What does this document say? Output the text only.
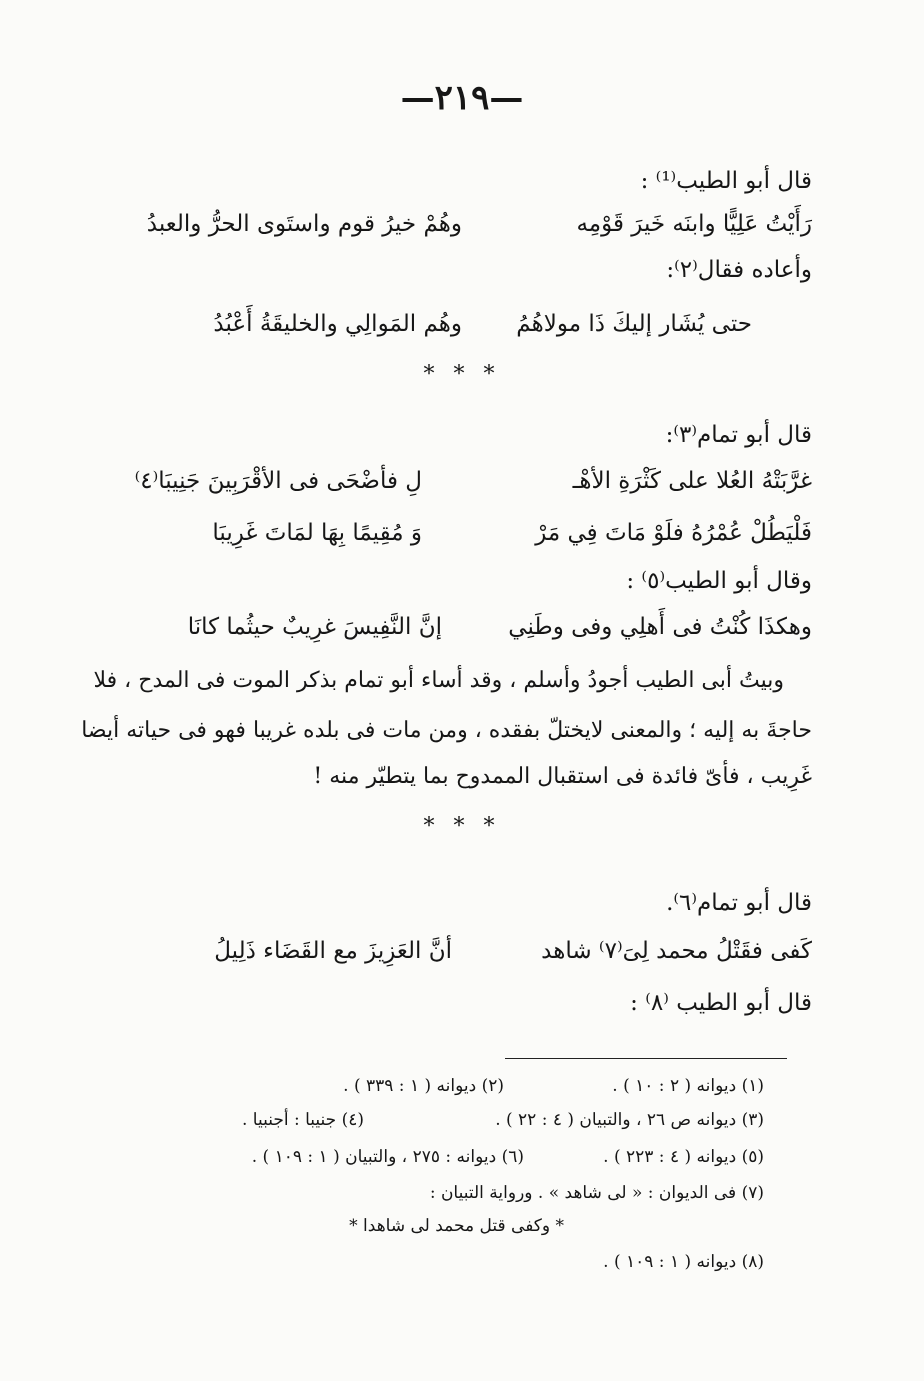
—٢١٩—
قال أبو الطيب⁽¹⁾ :
رَأَيْتُ عَلِيًّا وابنَه خَيرَ قَوْمِه
وهُمْ خيرُ قوم واستَوى الحرُّ والعبدُ
وأعاده فقال⁽٢⁾:
حتى يُشَار إليكَ ذَا مولاهُمُ
وهُم المَوالِي والخليقَةُ أَعْبُدُ
* * *
قال أبو تمام⁽٣⁾:
غرَّبَتْهُ العُلا على كَثْرَةِ الأهْـ
لِ فأضْحَى فى الأقْرَبِينَ جَنِيبَا⁽٤⁾
فَلْيَطُلْ عُمْرُهُ فلَوْ مَاتَ فِي مَرْ
وَ مُقِيمًا بِهَا لمَاتَ غَرِيبَا
وقال أبو الطيب⁽٥⁾ :
وهكذَا كُنْتُ فى أَهلِي وفى وطَنِي
إنَّ النَّفِيسَ غرِيبٌ حيثُما كانَا
وبيتُ أبى الطيب أجودُ وأسلم ، وقد أساء أبو تمام بذكر الموت فى المدح ، فلا
حاجةَ به إليه ؛ والمعنى لايختلّ بفقده ، ومن مات فى بلده غريبا فهو فى حياته أيضا
غَرِيب ، فأىّ فائدة فى استقبال الممدوح بما يتطيّر منه !
* * *
قال أبو تمام⁽٦⁾.
كَفى فقَتْلُ محمد لِىَ⁽٧⁾ شاهد
أنَّ العَزِيزَ مع القَضَاء ذَلِيلُ
قال أبو الطيب ⁽٨⁾ :
(١) ديوانه ( ٢ : ١٠ ) .
(٢) ديوانه ( ١ : ٣٣٩ ) .
(٣) ديوانه ص ٢٦ ، والتبيان ( ٤ : ٢٢ ) .
(٤) جنيبا : أجنبيا .
(٥) ديوانه ( ٤ : ٢٢٣ ) .
(٦) ديوانه : ٢٧٥ ، والتبيان ( ١ : ١٠٩ ) .
(٧) فى الديوان : « لى شاهد » . ورواية التبيان :
* وكفى قتل محمد لى شاهدا *
(٨) ديوانه ( ١ : ١٠٩ ) .
